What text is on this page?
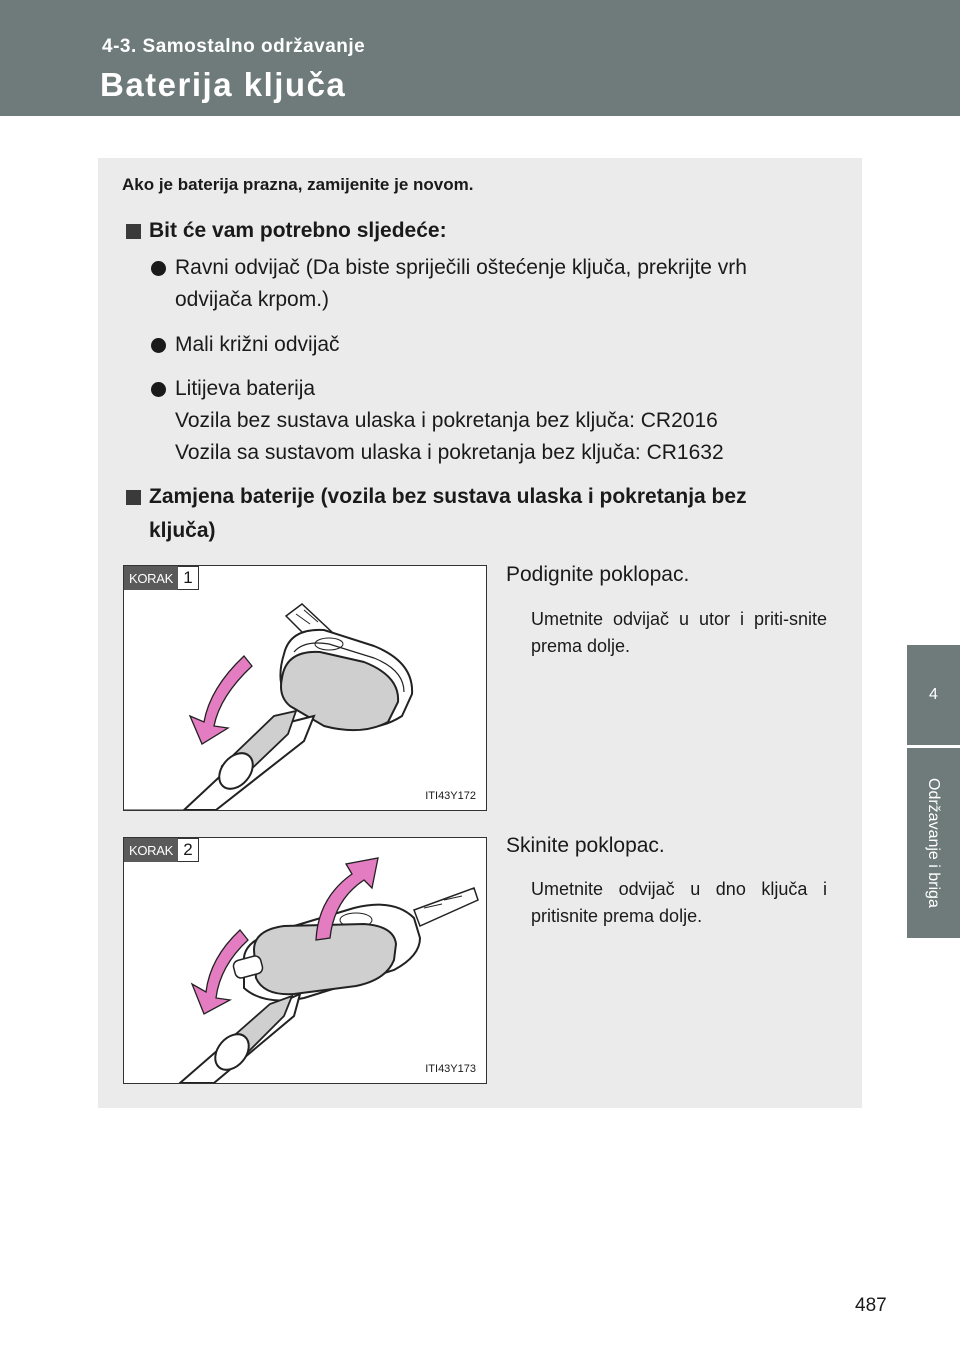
4-3. Samostalno održavanje
Baterija ključa
4
Održavanje i briga
Ako je baterija prazna, zamijenite je novom.
Bit će vam potrebno sljedeće:
Ravni odvijač (Da biste spriječili oštećenje ključa, prekrijte vrh
odvijača krpom.)
Mali križni odvijač
Litijeva baterija
Vozila bez sustava ulaska i pokretanja bez ključa: CR2016
Vozila sa sustavom ulaska i pokretanja bez ključa: CR1632
Zamjena baterije (vozila bez sustava ulaska i pokretanja bez
ključa)
KORAK 1
ITI43Y172
Podignite poklopac.
Umetnite odvijač u utor i priti-snite prema dolje.
KORAK 2
ITI43Y173
Skinite poklopac.
Umetnite odvijač u dno ključa i pritisnite prema dolje.
487
